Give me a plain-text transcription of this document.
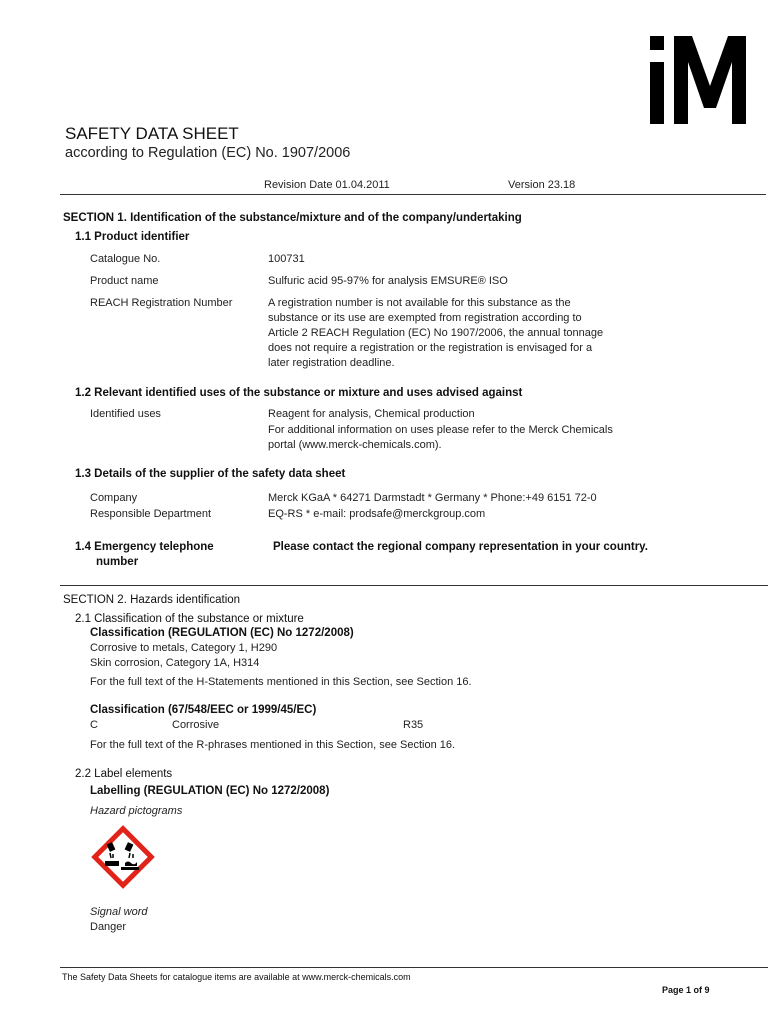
SAFETY DATA SHEET
according to Regulation (EC) No. 1907/2006
Revision Date 01.04.2011	Version 23.18
SECTION 1. Identification of the substance/mixture and of the company/undertaking
1.1 Product identifier
Catalogue No.	100731
Product name	Sulfuric acid 95-97% for analysis EMSURE® ISO
REACH Registration Number	A registration number is not available for this substance as the
substance or its use are exempted from registration according to
Article 2 REACH Regulation (EC) No 1907/2006, the annual tonnage
does not require a registration or the registration is envisaged for a
later registration deadline.
1.2 Relevant identified uses of the substance or mixture and uses advised against
Identified uses	Reagent for analysis, Chemical production
For additional information on uses please refer to the Merck Chemicals
portal (www.merck-chemicals.com).
1.3 Details of the supplier of the safety data sheet
Company	Merck KGaA * 64271 Darmstadt * Germany * Phone:+49 6151 72-0
Responsible Department	EQ-RS * e-mail: prodsafe@merckgroup.com
1.4 Emergency telephone
number
Please contact the regional company representation in your country.
SECTION 2. Hazards identification
2.1 Classification of the substance or mixture
Classification (REGULATION (EC) No 1272/2008)
Corrosive to metals, Category 1, H290
Skin corrosion, Category 1A, H314
For the full text of the H-Statements mentioned in this Section, see Section 16.
Classification (67/548/EEC or 1999/45/EC)
C	Corrosive	R35
For the full text of the R-phrases mentioned in this Section, see Section 16.
2.2 Label elements
Labelling (REGULATION (EC) No 1272/2008)
Hazard pictograms
Signal word
Danger
The Safety Data Sheets for catalogue items are available at www.merck-chemicals.com
Page 1 of 9
